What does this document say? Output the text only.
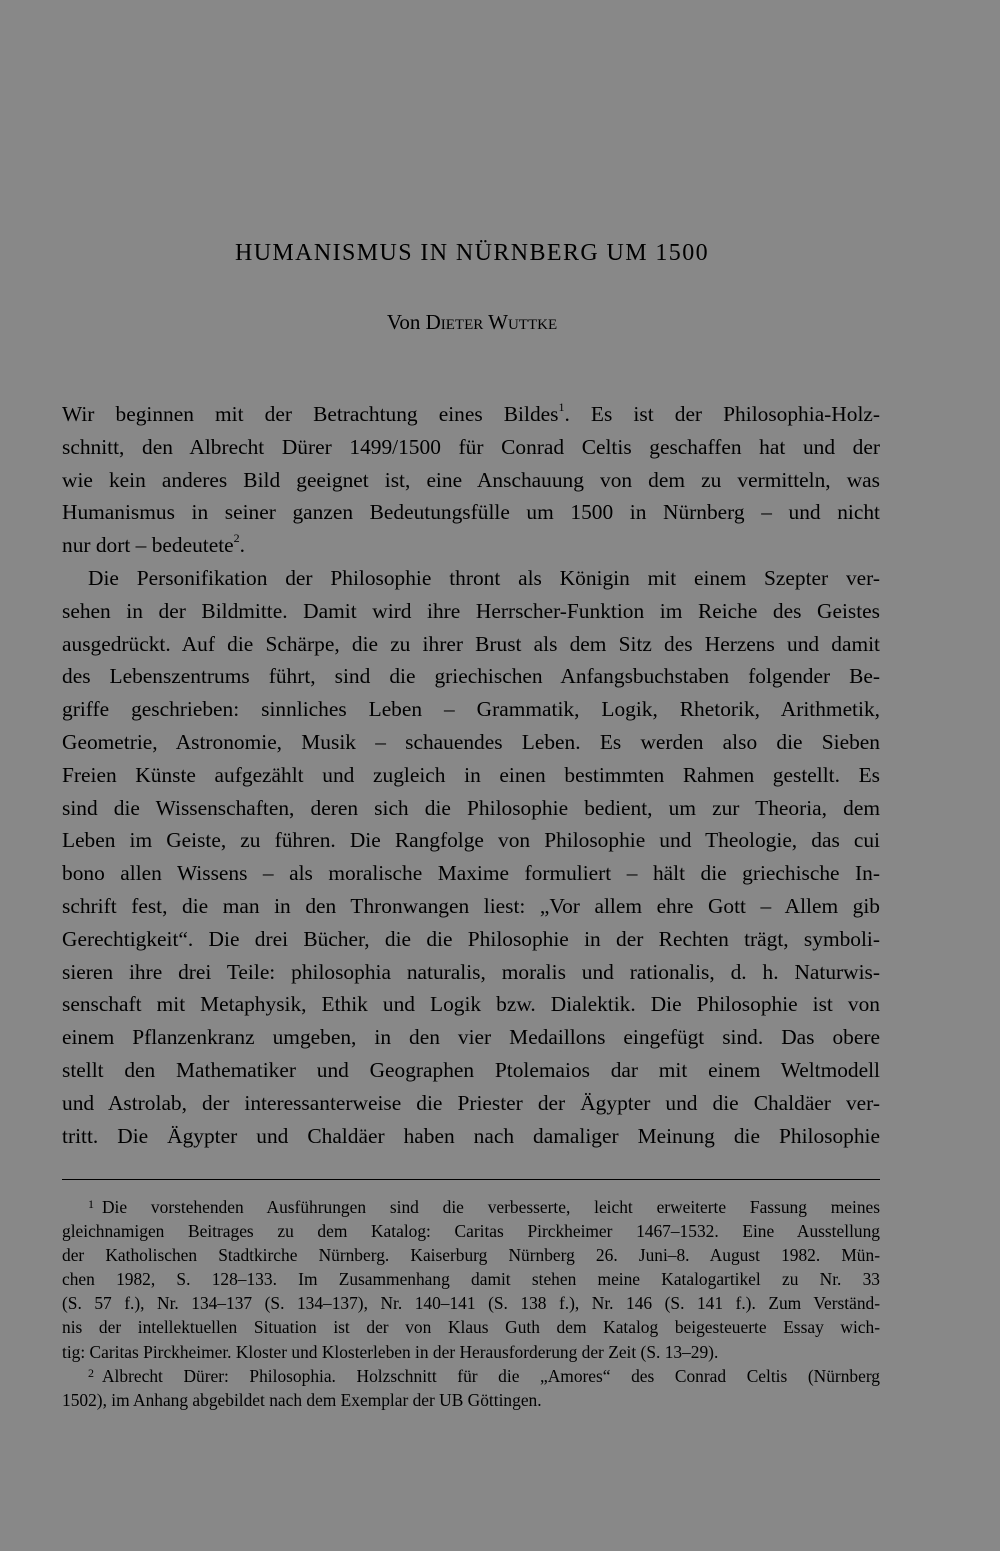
HUMANISMUS IN NÜRNBERG UM 1500
Von Dieter Wuttke
Wir beginnen mit der Betrachtung eines Bildes$^1$. Es ist der Philosophia-Holz-
schnitt, den Albrecht Dürer 1499/1500 für Conrad Celtis geschaffen hat und der
wie kein anderes Bild geeignet ist, eine Anschauung von dem zu vermitteln, was
Humanismus in seiner ganzen Bedeutungsfülle um 1500 in Nürnberg – und nicht
nur dort – bedeutete$^2$.
Die Personifikation der Philosophie thront als Königin mit einem Szepter ver-
sehen in der Bildmitte. Damit wird ihre Herrscher-Funktion im Reiche des Geistes
ausgedrückt. Auf die Schärpe, die zu ihrer Brust als dem Sitz des Herzens und damit
des Lebenszentrums führt, sind die griechischen Anfangsbuchstaben folgender Be-
griffe geschrieben: sinnliches Leben – Grammatik, Logik, Rhetorik, Arithmetik,
Geometrie, Astronomie, Musik – schauendes Leben. Es werden also die Sieben
Freien Künste aufgezählt und zugleich in einen bestimmten Rahmen gestellt. Es
sind die Wissenschaften, deren sich die Philosophie bedient, um zur Theoria, dem
Leben im Geiste, zu führen. Die Rangfolge von Philosophie und Theologie, das cui
bono allen Wissens – als moralische Maxime formuliert – hält die griechische In-
schrift fest, die man in den Thronwangen liest: „Vor allem ehre Gott – Allem gib
Gerechtigkeit“. Die drei Bücher, die die Philosophie in der Rechten trägt, symboli-
sieren ihre drei Teile: philosophia naturalis, moralis und rationalis, d. h. Naturwis-
senschaft mit Metaphysik, Ethik und Logik bzw. Dialektik. Die Philosophie ist von
einem Pflanzenkranz umgeben, in den vier Medaillons eingefügt sind. Das obere
stellt den Mathematiker und Geographen Ptolemaios dar mit einem Weltmodell
und Astrolab, der interessanterweise die Priester der Ägypter und die Chaldäer ver-
tritt. Die Ägypter und Chaldäer haben nach damaliger Meinung die Philosophie
$^1$ Die vorstehenden Ausführungen sind die verbesserte, leicht erweiterte Fassung meines
gleichnamigen Beitrages zu dem Katalog: Caritas Pirckheimer 1467–1532. Eine Ausstellung
der Katholischen Stadtkirche Nürnberg. Kaiserburg Nürnberg 26. Juni–8. August 1982. Mün-
chen 1982, S. 128–133. Im Zusammenhang damit stehen meine Katalogartikel zu Nr. 33
(S. 57 f.), Nr. 134–137 (S. 134–137), Nr. 140–141 (S. 138 f.), Nr. 146 (S. 141 f.). Zum Verständ-
nis der intellektuellen Situation ist der von Klaus Guth dem Katalog beigesteuerte Essay wich-
tig: Caritas Pirckheimer. Kloster und Klosterleben in der Herausforderung der Zeit (S. 13–29).
$^2$ Albrecht Dürer: Philosophia. Holzschnitt für die „Amores“ des Conrad Celtis (Nürnberg
1502), im Anhang abgebildet nach dem Exemplar der UB Göttingen.
